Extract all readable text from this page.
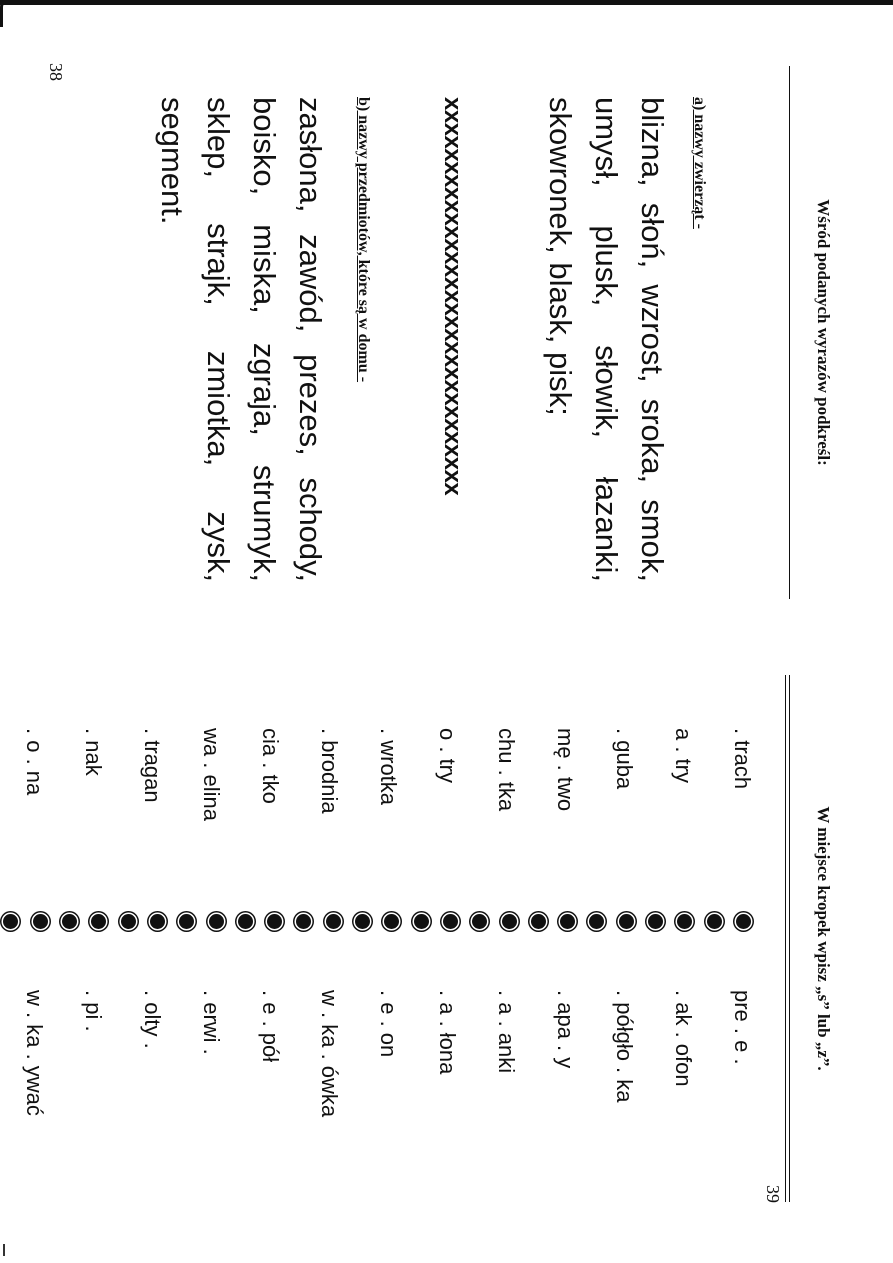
38
Wśród podanych wyrazów podkreśl:
a) nazwy zwierząt -
blizna,
słoń,
wzrost,
sroka,
smok,
umysł,
plusk,
słowik,
łazanki,
skowronek, blask, pisk;
xxxxxxxxxxxxxxxxxxxxxxxxxxxxxxx
b) nazwy przedmiotów, które są w domu -
zasłona,
zawód,
prezes,
schody,
boisko,
miska,
zgraja,
strumyk,
sklep,
strajk,
zmiotka,
zysk,
segment.
39
W miejsce kropek wpisz „s” lub „z”.
. trach
a . try
. guba
mę . two
chu . tka
o . try
. wrotka
. brodnia
cia . tko
wa . elina
. tragan
. nak
. o . na
pre . e .
. ak . ofon
. półgło . ka
. apa . y
. a . anki
. a . łona
. e . on
w . ka . ówka
. e . pół
. erwi .
. olty .
. pi .
w . ka . ywać
